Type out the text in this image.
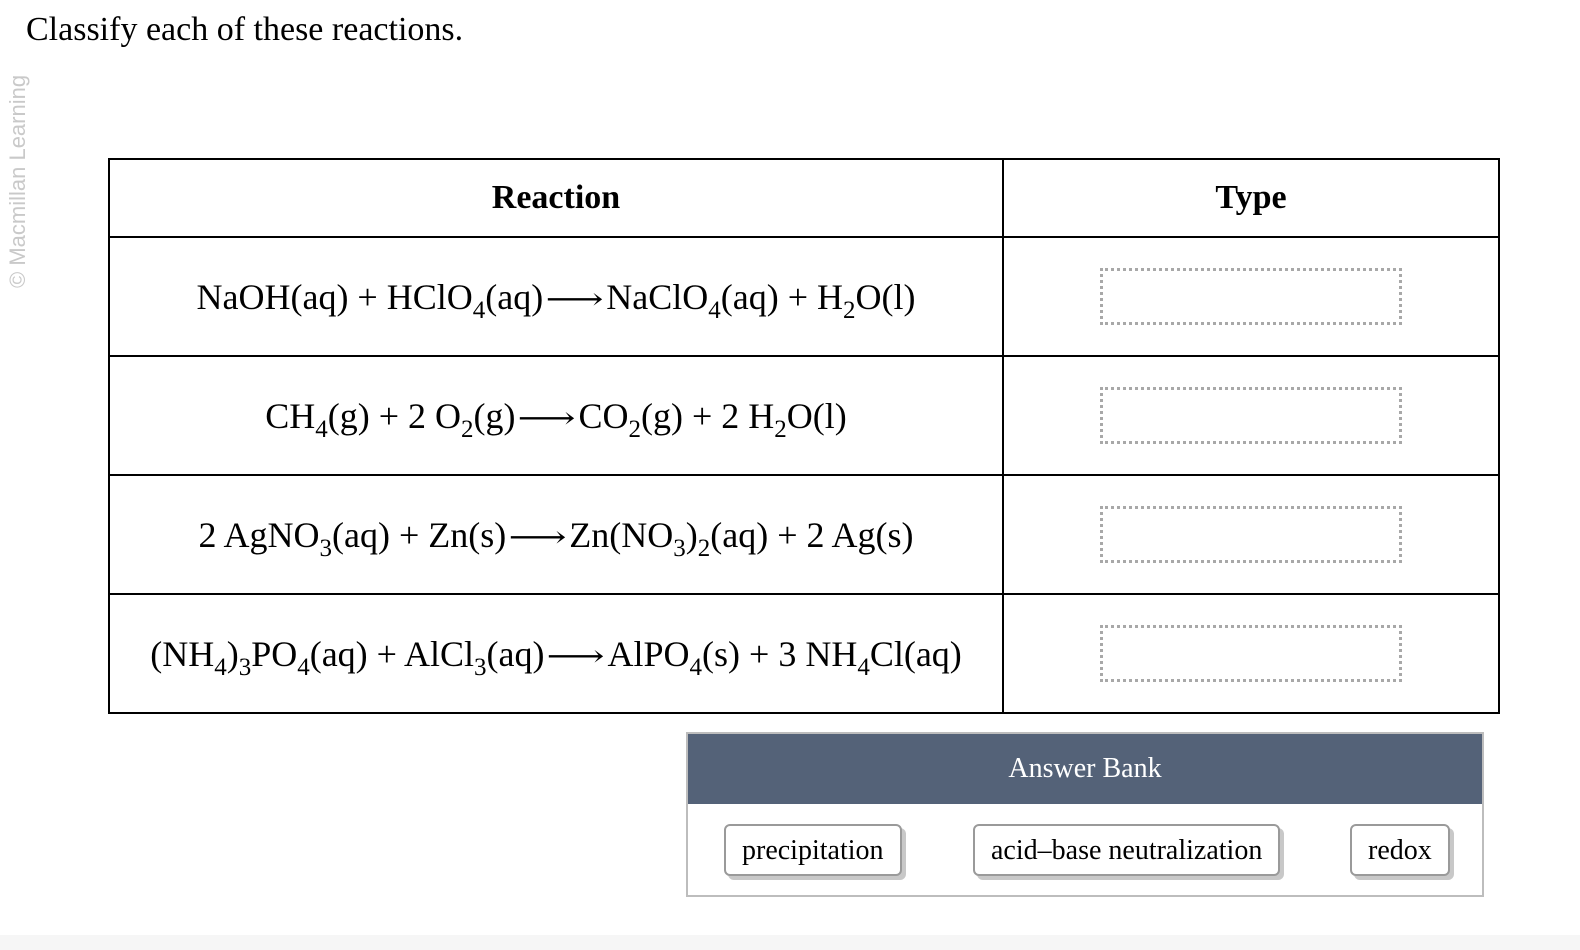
© Macmillan Learning
Classify each of these reactions.
Reaction	Type
NaOH(aq) + HClO$_4$(aq)⟶NaClO$_4$(aq) + $H_2O(l)$	
$CH_4(g) + 2$ $O_2(g)⟶CO_2(g) + 2$ $H_2O(l)$	
2 AgNO$_3$(aq) + $Zn(s)⟶Zn(NO_3)_2(aq) + 2$ Ag(s)	
$(NH_4)_3PO_4(aq)$ + AlCl$_3$(aq)⟶AlPO$_4$(s) + 3 $NH_4Cl(aq)$	
Answer Bank
precipitation	acid–base neutralization	redox
